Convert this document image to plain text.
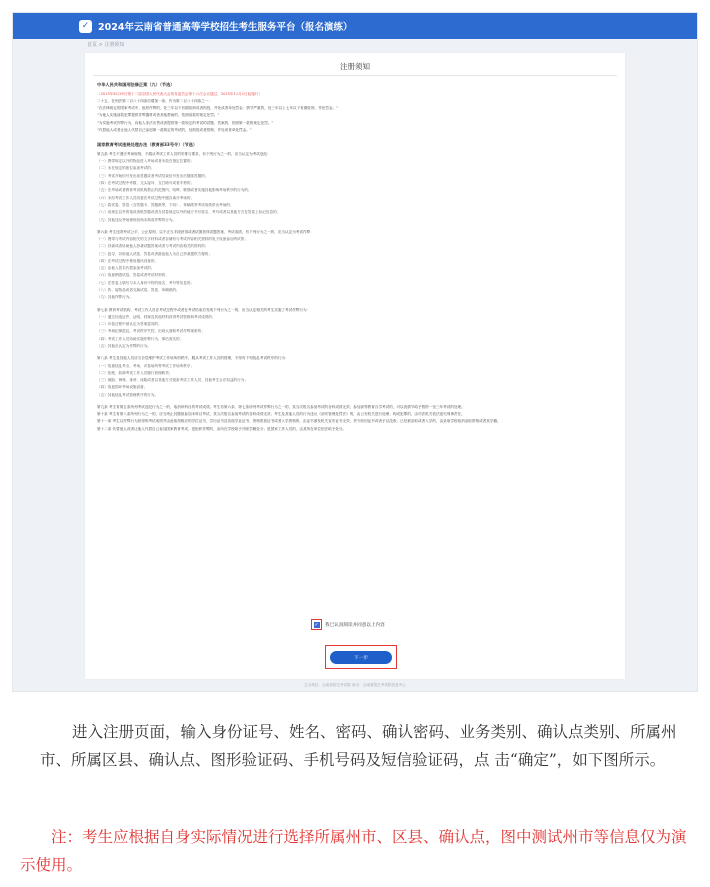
✓ 2024年云南省普通高等学校招生考生服务平台（报名演练）
首页 > 注册须知
注册须知
中华人民共和国刑法修正案（九）（节选）
（2015年8月29日第十二届全国人民代表大会常务委员会第十六次会议通过，2015年11月1日起施行）
二十五、在刑法第二百八十四条后增加一条，作为第二百八十四条之一：
“在法律规定的国家考试中，组织作弊的，处三年以下有期徒刑或者拘役，并处或者单处罚金；情节严重的，处三年以上七年以下有期徒刑，并处罚金。”
“为他人实施前款犯罪提供作弊器材或者其他帮助的，依照前款的规定处罚。”
“为实施考试作弊行为，向他人非法出售或者提供第一款规定的考试的试题、答案的，依照第一款的规定处罚。”
“代替他人或者让他人代替自己参加第一款规定的考试的，处拘役或者管制，并处或者单处罚金。”
国家教育考试违规处理办法（教育部33号令）（节选）
第五条 考生不遵守考场规则，不服从考试工作人员的安排与要求，有下列行为之一的，应当认定为考试违纪：
（一）携带规定以外的物品进入考场或者未放在指定位置的；
（二）未在规定的座位参加考试的；
（三）考试开始信号发出前答题或者考试结束信号发出后继续答题的；
（四）在考试过程中旁窥、交头接耳、互打暗号或者手势的；
（五）在考场或者教育考试机构禁止的范围内，喧哗、吸烟或者实施其他影响考场秩序的行为的；
（六）未经考试工作人员同意在考试过程中擅自离开考场的；
（七）将试卷、答卷（含答题卡、答题纸等，下同）、草稿纸等考试用纸带出考场的；
（八）用规定以外的笔或者纸答题或者在试卷规定以外的地方书写姓名、考号或者以其他方式在答卷上标记信息的；
（九）其他违反考场规则但尚未构成作弊的行为。
第六条 考生违背考试公平、公正原则，以不正当手段获得或者试图获得试题答案、考试成绩，有下列行为之一的，应当认定为考试作弊：
（一）携带与考试内容相关的文字材料或者存储有与考试内容相关资料的电子设备参加考试的；
（二）抄袭或者协助他人抄袭试题答案或者与考试内容相关的资料的；
（三）抢夺、窃取他人试卷、答卷或者胁迫他人为自己抄袭提供方便的；
（四）在考试过程中使用通讯设备的；
（五）由他人冒名代替参加考试的；
（六）故意销毁试卷、答卷或者考试材料的；
（七）在答卷上填写与本人身份不符的姓名、考号等信息的；
（八）传、接物品或者交换试卷、答卷、草稿纸的；
（九）其他作弊行为。
第七条 教育考试机构、考试工作人员在考试过程中或者在考试结束后发现下列行为之一的，应当认定相关的考生实施了考试作弊行为：
（一）通过伪造证件、证明、档案及其他材料获得考试资格和考试成绩的；
（二）评卷过程中被认定为答案雷同的；
（三）考场纪律混乱、考试秩序失控，出现大面积考试作弊现象的；
（四）考试工作人员协助实施作弊行为，事后查实的；
（五）其他应认定为作弊的行为。
第八条 考生及其他人员应当自觉维护考试工作场所的秩序，服从考试工作人员的管理，不得有下列扰乱考试秩序的行为：
（一）故意扰乱考点、考场、评卷场所等考试工作场所秩序；
（二）拒绝、妨碍考试工作人员履行管理职责；
（三）威胁、侮辱、诽谤、诬陷或者以其他方式侵害考试工作人员、其他考生合法权益的行为；
（四）故意损坏考场设施设备；
（五）其他扰乱考试管理秩序的行为。
第九条 考生有第五条所列考试违纪行为之一的，取消该科目的考试成绩。考生有第六条、第七条所列考试作弊行为之一的，其当次报名参加考试的各科成绩无效；参加高等教育自学考试的，可以视情节给予暂停一至三年考试的处理。
第十条 考生有第八条所列行为之一的，应当终止其继续参加本科目考试，其当次报名参加考试的各科成绩无效；考生及其他人员的行为违反《治安管理处罚法》的，由公安机关进行处理；构成犯罪的，由司法机关依法追究刑事责任。
第十一条 考生以作弊行为获得的考试成绩并由此取得相应的学位证书、学历证书及其他学业证书、资格资质证书或者入学资格的，由证书颁发机关宣布证书无效，责令收回证书或者予以没收；已经被录取或者入学的，由录取学校取消录取资格或者其学籍。
第十二条 代替他人或者让他人代替自己参加国家教育考试，是组织作弊的，由所在学校给予开除学籍处分；是国家工作人员的，由其所在单位依法给予处分。
✓ 我已认真阅读并同意以上内容
下一步
主办单位：云南省招生考试院 承办：云南省招生考试院信息中心
进入注册页面，输入身份证号、姓名、密码、确认密码、业务类别、确认点类别、所属州市、所属区县、确认点、图形验证码、手机号码及短信验证码，点 击“确定”，如下图所示。
注：考生应根据自身实际情况进行选择所属州市、区县、确认点，图中测试州市等信息仅为演示使用。
